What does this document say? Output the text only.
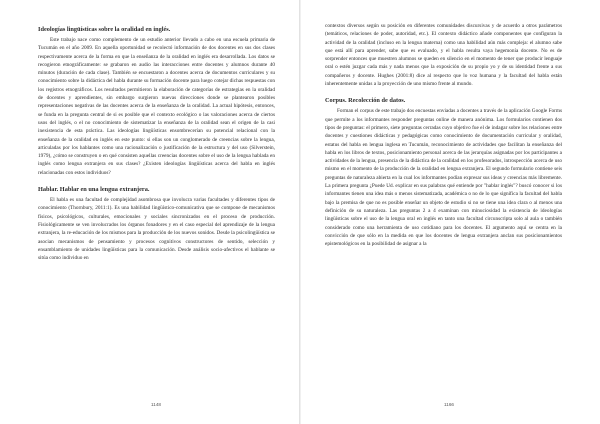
Ideologías lingüísticas sobre la oralidad en inglés.

Este trabajo nace como complemento de un estudio anterior llevado a cabo en una escuela primaria de Tucumán en el año 2009. En aquella oportunidad se recolectó información de dos docentes en sus dos clases respectivamente acerca de la forma en que la enseñanza de la oralidad en inglés era desarrollada. Los datos se recogieron etnográficamente: se grabaron en audio las interacciones entre docentes y alumnos durante 40 minutos (duración de cada clase). También se encuestaron a docentes acerca de documentos curriculares y su conocimiento sobre la didáctica del habla durante su formación docente para luego cotejar dichas respuestas con los registros etnográficos. Los resultados permitieron la elaboración de categorías de estrategias en la oralidad de docentes y aprendientes, sin embargo surgieron nuevas direcciones donde se plantearon posibles representaciones negativas de las docentes acerca de la enseñanza de la oralidad. La actual hipótesis, entonces, se funda en la pregunta central de si es posible que el contexto ecológico o las valoraciones acerca de ciertos usos del inglés, o el no conocimiento de sistematizar la enseñanza de la oralidad sean el origen de la casi inexistencia de esta práctica. Las ideologías lingüísticas ensombrecerían su potencial relacional con la enseñanza de la oralidad en inglés en este punto: si ellas son un conglomerado de creencias sobre la lengua, articuladas por los hablantes como una racionalización o justificación de la estructura y del uso (Silverstein, 1979), ¿cómo se construyen o en qué consisten aquellas creencias docentes sobre el uso de la lengua hablada en inglés como lengua extranjera en sus clases? ¿Existen ideologías lingüísticas acerca del habla en inglés relacionadas con estos individuos?

Hablar. Hablar en una lengua extranjera.

El habla es una facultad de complejidad asombrosa que involucra varias facultades y diferentes tipos de conocimiento (Thornbury, 2011:1). Es una habilidad lingüístico-comunicativa que se compone de mecanismos físicos, psicológicos, culturales, emocionales y sociales sincronizados en el proceso de producción. Fisiológicamente se ven involucrados los órganos fonadores y en el caso especial del aprendizaje de la lengua extranjera, la re-educación de los mismos para la producción de los nuevos sonidos. Desde la psicolingüística se asocian mecanismos de pensamiento y procesos cognitivos constructores de sentido, selección y ensamblamiento de unidades lingüísticas para la comunicación. Desde análisis socio-afectivos el hablante se sitúa como individuo en

contextos diversos según su posición en diferentes comunidades discursivas y de acuerdo a otros parámetros (temáticos, relaciones de poder, autoridad, etc.). El contexto didáctico añade componentes que configuran la actividad de la oralidad (incluso en la lengua materna) como una habilidad aún más compleja: el alumno sabe que está allí para aprender, sabe que es evaluado, y el habla resulta vaya hegemonía docente. No es de sorprender entonces que muestren alumnos se queden en silencio en el momento de tener que producir lenguaje oral o estén juzgar cada más y nada menos que la exposición de su propio yo y de su identidad frente a sus compañeros y docente. Hughes (2001:8) dice al respecto que lo voz humana y la facultad del habla están inherentemente unidas a la proyección de uno mismo frente al mundo.

Corpus. Recolección de datos.

Forman el corpus de este trabajo dos encuestas enviadas a docentes a través de la aplicación Google Forms que permite a los informantes responder preguntas online de manera anónima. Los formularios contienen dos tipos de preguntas: el primero, siete preguntas cerradas cuyo objetivo fue el de indagar sobre los relaciones entre docentes y cuestiones didácticas y pedagógicas como conocimiento de documentación curricular y oralidad, estatus del habla en lengua inglesa en Tucumán, reconocimiento de actividades que facilitan la enseñanza del habla en los libros de textos, posicionamiento personal acerca de las jerarquías asignadas por los participantes a actividades de la lengua, presencia de la didáctica de la oralidad en los profesorados, introspección acerca de uso mismo en el momento de la producción de la oralidad en lengua extranjera. El segundo formulario contiene seis preguntas de naturaleza abierta en la cual los informantes podían expresar sus ideas y creencias más libremente. La primera pregunta ¿Puede Ud. explicar en sus palabras qué entiende por "hablar inglés"? buscó conocer si los informantes tienen una idea más o menos sistematizada, académica o no de lo que significa la facultad del habla bajo la premisa de que no es posible enseñar un objeto de estudio si no se tiene una idea clara o al menos una definición de su naturaleza. Las preguntas 2 a 4 examinan con minuciosidad la existencia de ideologías lingüísticas sobre el uso de la lengua oral en inglés en tanto una facultad circunscripta solo al aula o también considerado como una herramienta de uso cotidiano para los docentes. El argumento aquí se centra en la convicción de que sólo en la medida en que los docentes de lengua extranjera anclan sus posicionamientos epistemológicos en la posibilidad de asignar a la

1148	1166
